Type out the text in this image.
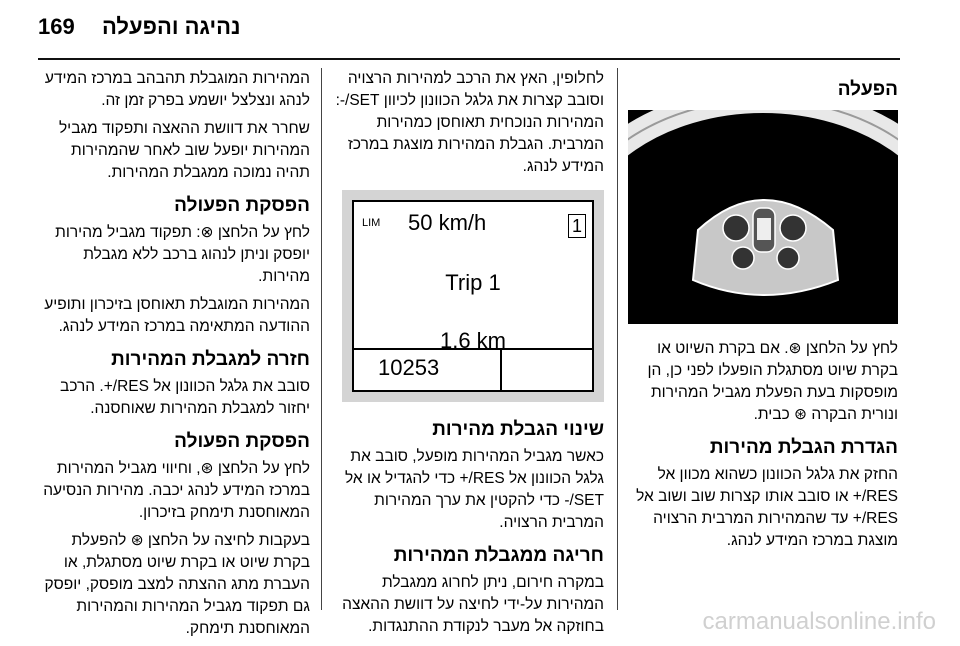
169 נהיגה והפעלה
הפעלה

לחץ על הלחצן ⊛. אם בקרת השיוט או בקרת שיוט מסתגלת הופעלו לפני כן, הן מופסקות בעת הפעלת מגביל המהירות ונורית הבקרה ⊛ כבית.

הגדרת הגבלת מהירות

החזק את גלגל הכוונון כשהוא מכוון אל RES/+ או סובב אותו קצרות שוב ושוב אל RES/+ עד שהמהירות המרבית הרצויה מוצגת במרכז המידע לנהג.

לחלופין, האץ את הרכב למהירות הרצויה וסובב קצרות את גלגל הכוונון לכיוון SET/-: המהירות הנוכחית תאוחסן כמהירות המרבית. הגבלת המהירות מוצגת במרכז המידע לנהג.

LIM 50 km/h	1
Trip 1
1.6 km
10253
שינוי הגבלת מהירות

כאשר מגביל המהירות מופעל, סובב את גלגל הכוונון אל RES/+ כדי להגדיל או אל SET/- כדי להקטין את ערך המהירות המרבית הרצויה.

חריגה ממגבלת המהירות

במקרה חירום, ניתן לחרוג ממגבלת המהירות על-ידי לחיצה על דוושת ההאצה בחוזקה אל מעבר לנקודת ההתנגדות.

המהירות המוגבלת תהבהב במרכז המידע לנהג ונצלצל יושמע בפרק זמן זה.

שחרר את דוושת ההאצה ותפקוד מגביל המהירות יופעל שוב לאחר שהמהירות תהיה נמוכה ממגבלת המהירות.

הפסקת הפעולה

לחץ על הלחצן ⊗: תפקוד מגביל מהירות יופסק וניתן לנהוג ברכב ללא מגבלת מהירות.

המהירות המוגבלת תאוחסן בזיכרון ותופיע ההודעה המתאימה במרכז המידע לנהג.

חזרה למגבלת המהירות

סובב את גלגל הכוונון אל RES/+. הרכב יחזור למגבלת המהירות שאוחסנה.

הפסקת הפעולה

לחץ על הלחצן ⊛, וחיווי מגביל המהירות במרכז המידע לנהג יכבה. מהירות הנסיעה המאוחסנת תימחק בזיכרון.

בעקבות לחיצה על הלחצן ⊛ להפעלת בקרת שיוט או בקרת שיוט מסתגלת, או העברת מתג ההצתה למצב מופסק, יופסק גם תפקוד מגביל המהירות והמהירות המאוחסנת תימחק.	carmanualsonline.info
